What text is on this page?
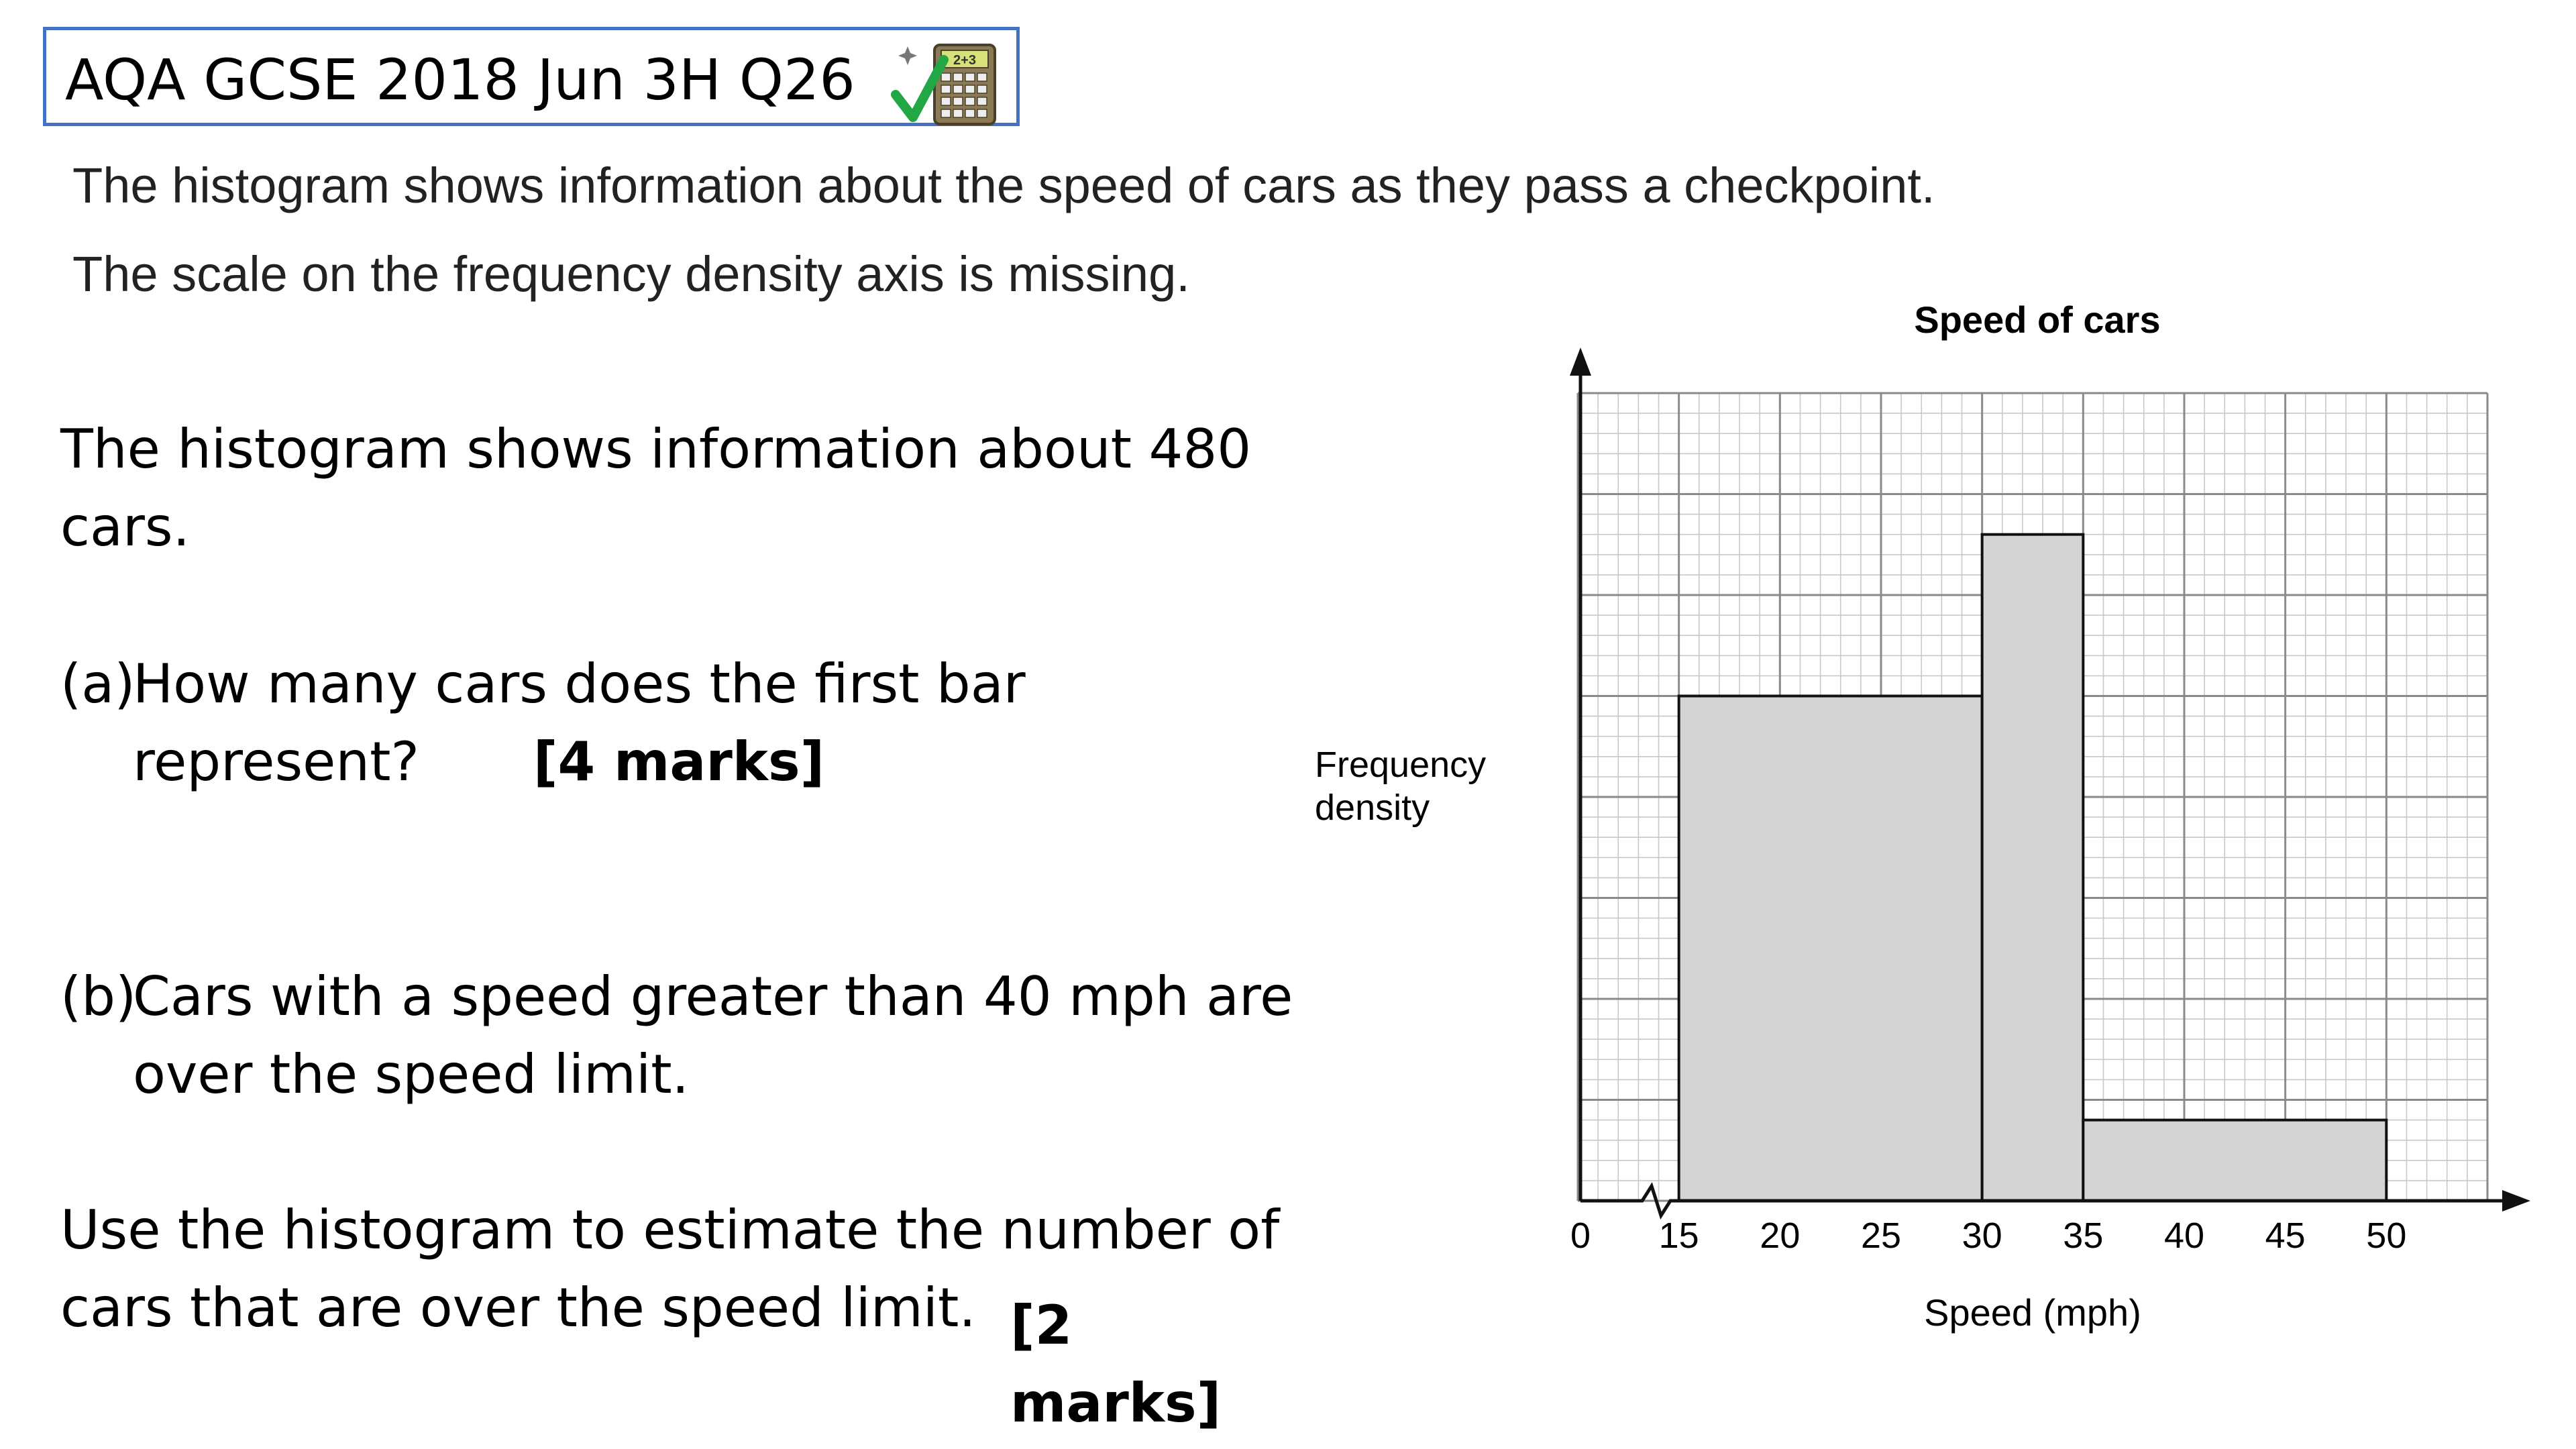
AQA GCSE 2018 Jun 3H Q26	2+3
The histogram shows information about the speed of cars as they pass a checkpoint.
The scale on the frequency density axis is missing.
The histogram shows information about 480
cars.
(a)How many cars does the first bar
represent? [4 marks]
(b)Cars with a speed greater than 40 mph are
over the speed limit.
Use the histogram to estimate the number of
cars that are over the speed limit. [2 marks]
0 15 20 25 30 35 40 45 50
Speed of cars
Speed (mph)
Frequency
density
